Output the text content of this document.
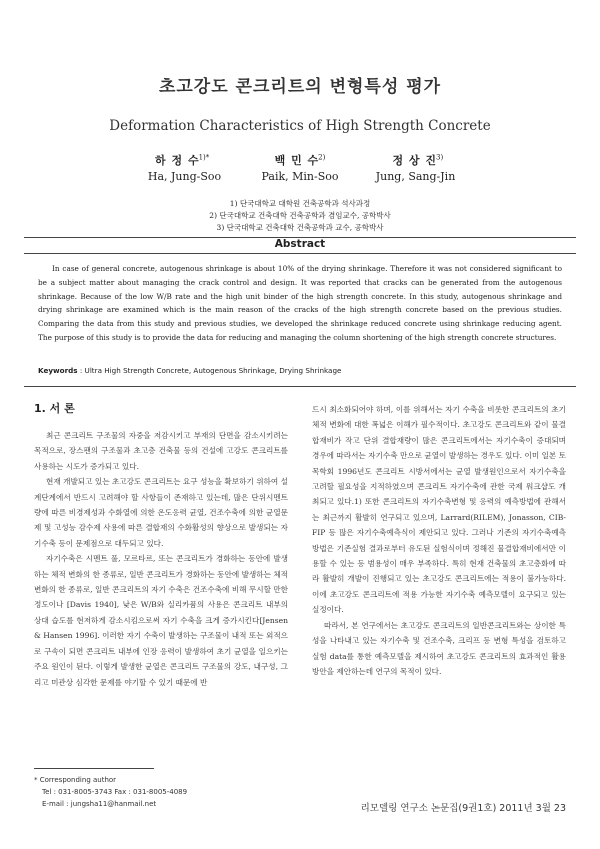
초고강도 콘크리트의 변형특성 평가
Deformation Characteristics of High Strength Concrete
하 정 수$^{1)*}$	백 민 수$^{2)}$	정 상 진$^{3)}$
Ha, Jung-Soo	Paik, Min-Soo	Jung, Sang-Jin
1) 단국대학교 대학원 건축공학과 석사과정
2) 단국대학교 건축대학 건축공학과 겸임교수, 공학박사
3) 단국대학교 건축대학 건축공학과 교수, 공학박사
Abstract
In case of general concrete, autogenous shrinkage is about 10% of the drying shrinkage. Therefore it was not considered significant to be a subject matter about managing the crack control and design. It was reported that cracks can be generated from the autogenous shrinkage. Because of the low W/B rate and the high unit binder of the high strength concrete. In this study, autogenous shrinkage and drying shrinkage are examined which is the main reason of the cracks of the high strength concrete based on the previous studies. Comparing the data from this study and previous studies, we developed the shrinkage reduced concrete using shrinkage reducing agent. The purpose of this study is to provide the data for reducing and managing the column shortening of the high strength concrete structures.
Keywords : Ultra High Strength Concrete, Autogenous Shrinkage, Drying Shrinkage
1. 서 론

최근 콘크리트 구조물의 자중을 저감시키고 부재의 단면을 감소시키려는 목적으로, 장스팬의 구조물과 초고층 건축물 등의 건설에 고강도 콘크리트를 사용하는 시도가 증가되고 있다.

현재 개발되고 있는 초고강도 콘크리트는 요구 성능을 확보하기 위하여 설계단계에서 반드시 고려해야 할 사항들이 존재하고 있는데, 많은 단위시멘트량에 따른 비경제성과 수화열에 의한 온도응력 균열, 건조수축에 의한 균열문제 및 고성능 감수제 사용에 따른 결합재의 수화활성의 향상으로 발생되는 자기수축 등이 문제점으로 대두되고 있다.

자기수축은 시멘트 풀, 모르타르, 또는 콘크리트가 경화하는 동안에 발생하는 체적 변화의 한 종류로, 일반 콘크리트가 경화하는 동안에 발생하는 체적 변화의 한 종류로, 일반 콘크리트의 자기 수축은 건조수축에 비해 무시할 만한 정도이나 [Davis 1940], 낮은 W/B와 실리카퓸의 사용은 콘크리트 내부의 상대 습도를 현저하게 감소시킴으로써 자기 수축을 크게 증가시킨다[Jensen & Hansen 1996]. 이러한 자기 수축이 발생하는 구조물이 내적 또는 외적으로 구속이 되면 콘크리트 내부에 인장 응력이 발생하여 초기 균열을 일으키는 주요 원인이 된다. 이렇게 발생한 균열은 콘크리트 구조물의 강도, 내구성, 그리고 미관상 심각한 문제를 야기할 수 있기 때문에 반

드시 최소화되어야 하며, 이를 위해서는 자기 수축을 비롯한 콘크리트의 초기 체적 변화에 대한 폭넓은 이해가 필수적이다. 초고강도 콘크리트와 같이 물결합재비가 작고 단위 결합재량이 많은 콘크리트에서는 자기수축이 증대되며 경우에 따라서는 자기수축 만으로 균열이 발생하는 경우도 있다. 이미 일본 토목학회 1996년도 콘크리트 시방서에서는 균열 발생원인으로서 자기수축을 고려할 필요성을 지적하였으며 콘크리트 자기수축에 관한 국제 워크샵도 개최되고 있다.1) 또한 콘크리트의 자기수축변형 및 응력의 예측방법에 관해서는 최근까지 활발히 연구되고 있으며, Larrard(RILEM), Jonasson, CIB-FIP 등 많은 자기수축예측식이 제안되고 있다. 그러나 기존의 자기수축예측방법은 기존실험 결과로부터 유도된 실험식이며 정해진 물결합재비에서만 이용할 수 있는 등 범용성이 매우 부족하다. 특히 현재 건축물의 초고층화에 따라 활발히 개발이 진행되고 있는 초고강도 콘크리트에는 적용이 불가능하다. 이에 초고강도 콘크리트에 적용 가능한 자기수축 예측모델이 요구되고 있는 실정이다.

따라서, 본 연구에서는 초고강도 콘크리트의 일반콘크리트와는 상이한 특성을 나타내고 있는 자기수축 및 건조수축, 크리프 등 변형 특성을 검토하고 실험 data를 통한 예측모델을 제시하여 초고강도 콘크리트의 효과적인 활용 방안을 제안하는데 연구의 목적이 있다.

* Corresponding author
Tel : 031-8005-3743 Fax : 031-8005-4089
E-mail : jungsha11@hanmail.net	리모델링 연구소 논문집(9권1호) 2011년 3월 23
